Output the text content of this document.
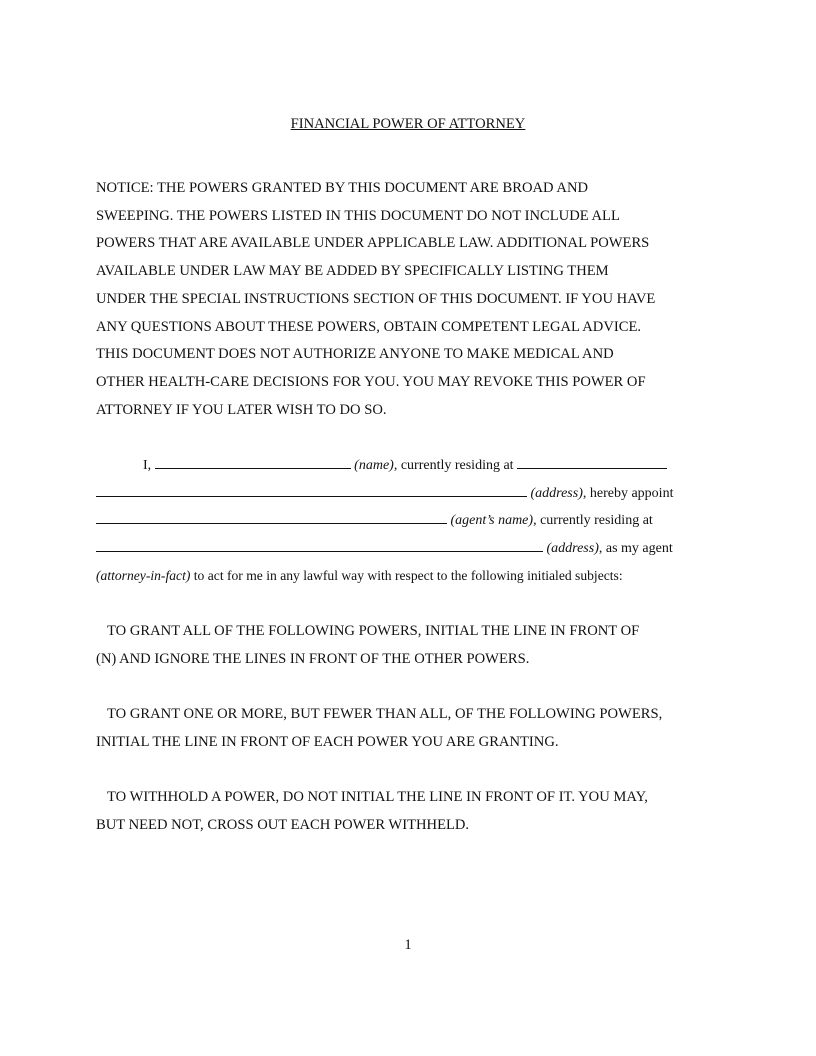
FINANCIAL POWER OF ATTORNEY
NOTICE: THE POWERS GRANTED BY THIS DOCUMENT ARE BROAD AND
SWEEPING. THE POWERS LISTED IN THIS DOCUMENT DO NOT INCLUDE ALL
POWERS THAT ARE AVAILABLE UNDER APPLICABLE LAW. ADDITIONAL POWERS
AVAILABLE UNDER LAW MAY BE ADDED BY SPECIFICALLY LISTING THEM
UNDER THE SPECIAL INSTRUCTIONS SECTION OF THIS DOCUMENT. IF YOU HAVE
ANY QUESTIONS ABOUT THESE POWERS, OBTAIN COMPETENT LEGAL ADVICE.
THIS DOCUMENT DOES NOT AUTHORIZE ANYONE TO MAKE MEDICAL AND
OTHER HEALTH-CARE DECISIONS FOR YOU. YOU MAY REVOKE THIS POWER OF
ATTORNEY IF YOU LATER WISH TO DO SO.
I,	(name), currently residing at
(address), hereby appoint
(agent’s name), currently residing at
(address), as my agent
(attorney-in-fact) to act for me in any lawful way with respect to the following initialed subjects:
TO GRANT ALL OF THE FOLLOWING POWERS, INITIAL THE LINE IN FRONT OF
(N) AND IGNORE THE LINES IN FRONT OF THE OTHER POWERS.
TO GRANT ONE OR MORE, BUT FEWER THAN ALL, OF THE FOLLOWING POWERS,
INITIAL THE LINE IN FRONT OF EACH POWER YOU ARE GRANTING.
TO WITHHOLD A POWER, DO NOT INITIAL THE LINE IN FRONT OF IT. YOU MAY,
BUT NEED NOT, CROSS OUT EACH POWER WITHHELD.
1
